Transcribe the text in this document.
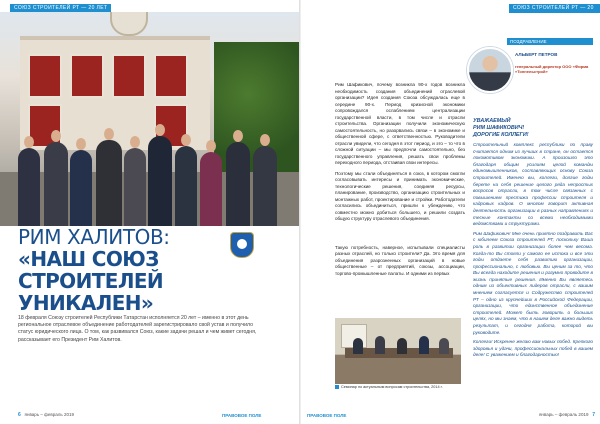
СОЮЗ СТРОИТЕЛЕЙ РТ — 20 ЛЕТ
РИМ ХАЛИТОВ:
«НАШ СОЮЗ СТРОИТЕЛЕЙ
УНИКАЛЕН»
18 февраля Союзу строителей Республики Татарстан исполняется 20 лет – именно в этот день региональное отраслевое объединение работодателей зарегистрировало свой устав и получило статус юридического лица. О том, как развивался Союз, какие задачи решал и чем живет сегодня, рассказывает его Президент Рим Халитов.
6 январь – февраль 2019	ПРАВОВОЕ ПОЛЕ
СОЮЗ СТРОИТЕЛЕЙ РТ — 20 ЛЕТ

Рим Шафикович, почему возникла 90-х годов возникла необходимость создания объединений отраслевой организации? Идея создания Союза обсуждалась еще в середине 90-х. Период кризисной экономики сопровождался ослаблением централизации государственной власти, в том числе и отрасли строительства. Организации получили экономическую самостоятельность, но разорвались связи – в экономике и общественной сфере, с ответственностью. Руководители отрасли увидели, что сегодня в этот период, и это – то что в сложной ситуации – мы предпочли самостоятельно, без государственного управления, решать свои проблемы переходного периода, отстаивая свои интересы.

Поэтому мы стали объединяться в союз, в котором смогли согласовывать интересы и принимать экономические, технологические решения, соединяя ресурсы, планирование, производство, организацию строительных и монтажных работ, проектирование и стройки. Работодатели согласились объединиться, пришли к убеждению, что совместно можно добиться большего, и решили создать общую структуру отраслевого объединения.

Такую потребность, наверное, испытывали специалисты разных отраслей, но только строители? Да. Это время для объединения разрозненных организаций в новые общественные – от предприятий, союзы, ассоциации, торгово-промышленные палаты. И одними из первых

Семинар по актуальным вопросам строительства, 2014 г.
ПОЗДРАВЛЕНИЕ
АЛЬБЕРТ ПЕТРОВ
генеральный директор ООО «Фирма «Тоннельстрой»
УВАЖАЕМЫЙ
РИМ ШАФИКОВИЧ!
ДОРОГИЕ КОЛЛЕГИ!

Строительный комплекс республики по праву считается одним из лучших в стране, он остается локомотивом экономики. А произошло это благодаря общим усилиям целой команды единомышленников, составляющих основу Союза строителей. Именно вы, коллеги, долгие годы берете на себя решение целого ряда непростых вопросов отрасли, в том числе связанных с повышением престижа профессии строителя и кадровых кадров. О многом говорит активная деятельность организации в разных направлениях и тесные контакты со всеми необходимыми ведомствами и структурами.

Рим Шафикович! Мне очень приятно поздравить Вас с юбилеем Союза строителей РТ, поскольку Ваша роль в развитии организации более чем весома. Когда-то Вы стояли у самого ее истока и все эти годы отдаете себя развитию организации, профессионально, с любовью. Вы ценим за то, что Вы всегда находите решения и разумно проводите в жизнь принятые решения. Именно Вы являетесь одним из объективных лидеров отрасли, с вашим мнением согласуется и Содружество строителей РТ – одно из крупнейших в Российской Федерации, организации, что единственное объединение строителей. Может быть говорить о больших целях, но мы знаем, что в нашем деле важно видеть результат, и сегодня работа, которой вы руководите.

Коллеги! Искренне желаю вам новых побед. Крепкого здоровья и удачи, профессиональных побед в вашем деле! С уважением и благодарностью!

ПРАВОВОЕ ПОЛЕ	январь – февраль 2019 7
